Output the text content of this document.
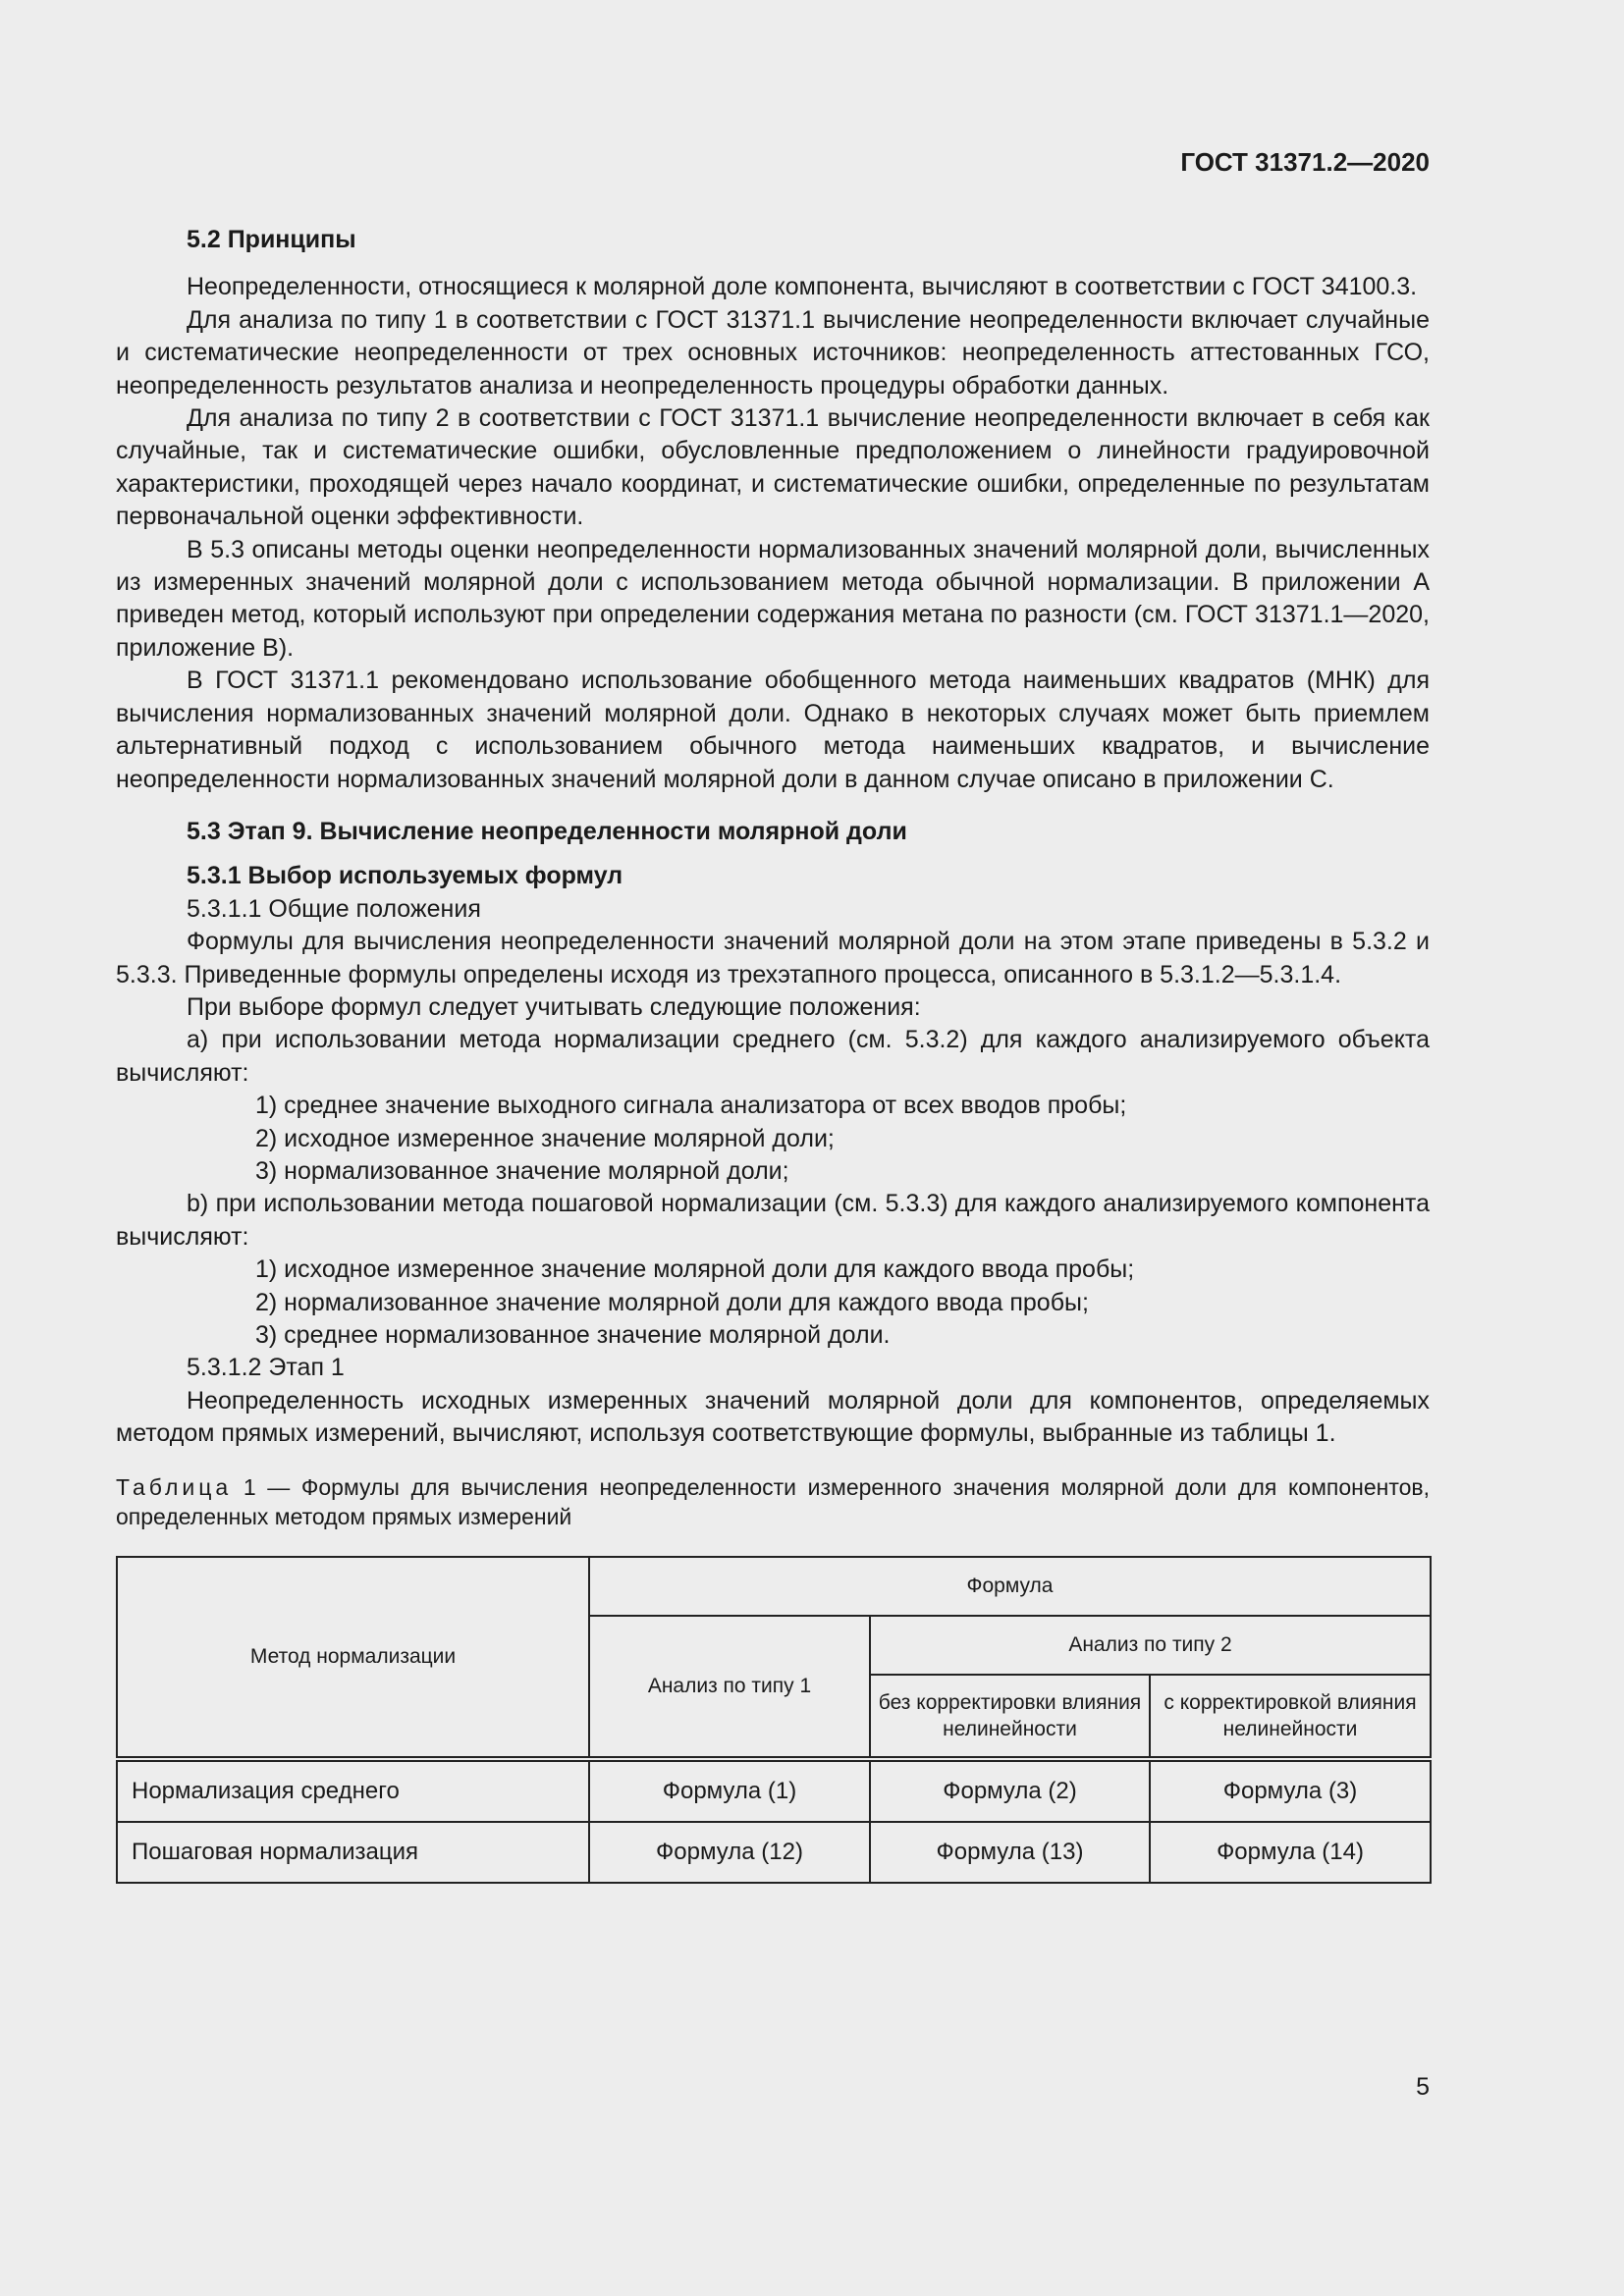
ГОСТ 31371.2—2020

5.2 Принципы

Неопределенности, относящиеся к молярной доле компонента, вычисляют в соответствии с ГОСТ 34100.3.

Для анализа по типу 1 в соответствии с ГОСТ 31371.1 вычисление неопределенности включает случайные и систематические неопределенности от трех основных источников: неопределенность аттестованных ГСО, неопределенность результатов анализа и неопределенность процедуры обработки данных.

Для анализа по типу 2 в соответствии с ГОСТ 31371.1 вычисление неопределенности включает в себя как случайные, так и систематические ошибки, обусловленные предположением о линейности градуировочной характеристики, проходящей через начало координат, и систематические ошибки, определенные по результатам первоначальной оценки эффективности.

В 5.3 описаны методы оценки неопределенности нормализованных значений молярной доли, вычисленных из измеренных значений молярной доли с использованием метода обычной нормализации. В приложении А приведен метод, который используют при определении содержания метана по разности (см. ГОСТ 31371.1—2020, приложение В).

В ГОСТ 31371.1 рекомендовано использование обобщенного метода наименьших квадратов (МНК) для вычисления нормализованных значений молярной доли. Однако в некоторых случаях может быть приемлем альтернативный подход с использованием обычного метода наименьших квадратов, и вычисление неопределенности нормализованных значений молярной доли в данном случае описано в приложении С.

5.3 Этап 9. Вычисление неопределенности молярной доли

5.3.1 Выбор используемых формул

5.3.1.1 Общие положения

Формулы для вычисления неопределенности значений молярной доли на этом этапе приведены в 5.3.2 и 5.3.3. Приведенные формулы определены исходя из трехэтапного процесса, описанного в 5.3.1.2—5.3.1.4.

При выборе формул следует учитывать следующие положения:

а) при использовании метода нормализации среднего (см. 5.3.2) для каждого анализируемого объекта вычисляют:

1) среднее значение выходного сигнала анализатора от всех вводов пробы;

2) исходное измеренное значение молярной доли;

3) нормализованное значение молярной доли;

b) при использовании метода пошаговой нормализации (см. 5.3.3) для каждого анализируемого компонента вычисляют:

1) исходное измеренное значение молярной доли для каждого ввода пробы;

2) нормализованное значение молярной доли для каждого ввода пробы;

3) среднее нормализованное значение молярной доли.

5.3.1.2 Этап 1

Неопределенность исходных измеренных значений молярной доли для компонентов, определяемых методом прямых измерений, вычисляют, используя соответствующие формулы, выбранные из таблицы 1.

Таблица 1 — Формулы для вычисления неопределенности измеренного значения молярной доли для компонентов, определенных методом прямых измерений
Метод нормализации	Формула		
	Анализ по типу 1	Анализ по типу 2	
		без корректировки влияния нелинейности	с корректировкой влияния нелинейности
Нормализация среднего	Формула (1)	Формула (2)	Формула (3)
Пошаговая нормализация	Формула (12)	Формула (13)	Формула (14)
5
